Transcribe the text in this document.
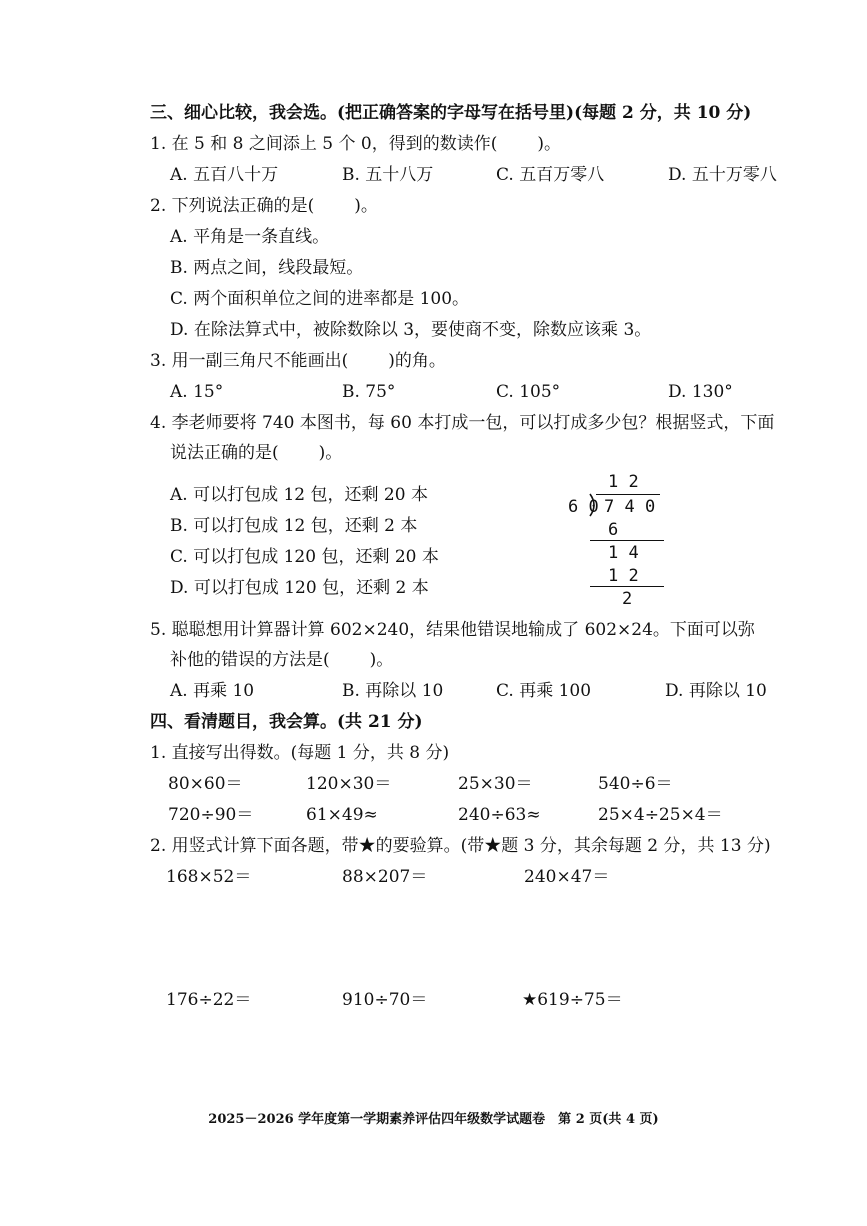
三、细心比较，我会选。(把正确答案的字母写在括号里)(每题 2 分，共 10 分)
1. 在 5 和 8 之间添上 5 个 0，得到的数读作( )。
A. 五百八十万	B. 五十八万	C. 五百万零八	D. 五十万零八
2. 下列说法正确的是( )。
A. 平角是一条直线。
B. 两点之间，线段最短。
C. 两个面积单位之间的进率都是 100。
D. 在除法算式中，被除数除以 3，要使商不变，除数应该乘 3。
3. 用一副三角尺不能画出( )的角。
A. 15°	B. 75°	C. 105°	D. 130°
4. 李老师要将 740 本图书，每 60 本打成一包，可以打成多少包？根据竖式，下面
说法正确的是( )。
A. 可以打包成 12 包，还剩 20 本
B. 可以打包成 12 包，还剩 2 本
C. 可以打包成 120 包，还剩 20 本
D. 可以打包成 120 包，还剩 2 本
1 2
6 0 7 4 0
6
1 4
1 2
2
5. 聪聪想用计算器计算 602×240，结果他错误地输成了 602×24。下面可以弥
补他的错误的方法是( )。
A. 再乘 10	B. 再除以 10	C. 再乘 100	D. 再除以 10
四、看清题目，我会算。(共 21 分)
1. 直接写出得数。(每题 1 分，共 8 分)
80×60＝	120×30＝	25×30＝	540÷6＝
720÷90＝	61×49≈	240÷63≈	25×4÷25×4＝
2. 用竖式计算下面各题，带★的要验算。(带★题 3 分，其余每题 2 分，共 13 分)
168×52＝	88×207＝	240×47＝
176÷22＝	910÷70＝	★619÷75＝
2025－2026 学年度第一学期素养评估四年级数学试题卷　第 2 页(共 4 页)
